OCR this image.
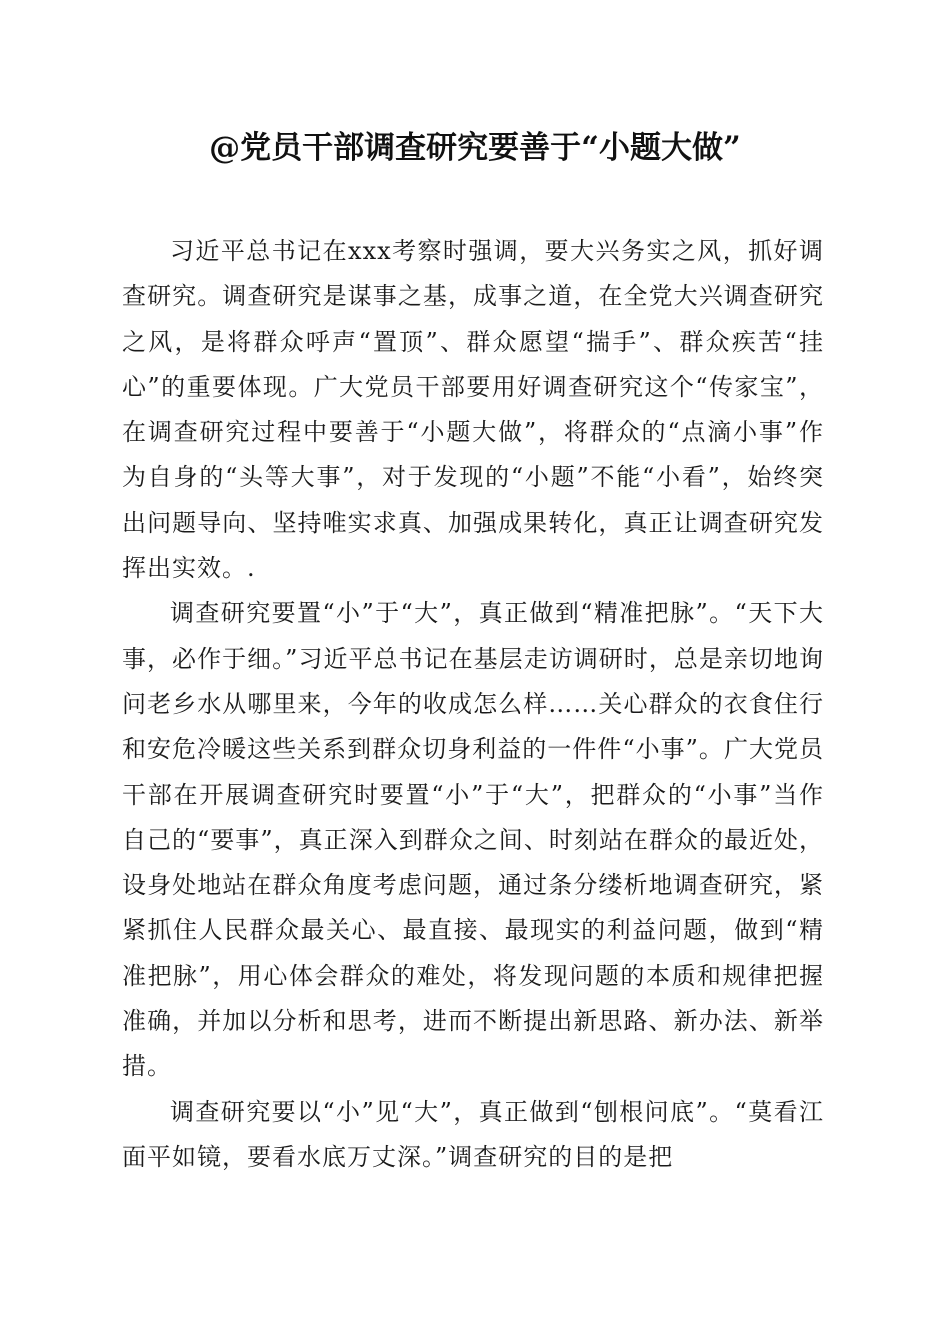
@党员干部调查研究要善于“小题大做”

习近平总书记在xxx考察时强调，要大兴务实之风，抓好调查研究。调查研究是谋事之基，成事之道，在全党大兴调查研究之风，是将群众呼声“置顶”、群众愿望“揣手”、群众疾苦“挂心”的重要体现。广大党员干部要用好调查研究这个“传家宝”，在调查研究过程中要善于“小题大做”，将群众的“点滴小事”作为自身的“头等大事”，对于发现的“小题”不能“小看”，始终突出问题导向、坚持唯实求真、加强成果转化，真正让调查研究发挥出实效。.

调查研究要置“小”于“大”，真正做到“精准把脉”。“天下大事，必作于细。”习近平总书记在基层走访调研时，总是亲切地询问老乡水从哪里来，今年的收成怎么样……关心群众的衣食住行和安危冷暖这些关系到群众切身利益的一件件“小事”。广大党员干部在开展调查研究时要置“小”于“大”，把群众的“小事”当作自己的“要事”，真正深入到群众之间、时刻站在群众的最近处，设身处地站在群众角度考虑问题，通过条分缕析地调查研究，紧紧抓住人民群众最关心、最直接、最现实的利益问题，做到“精准把脉”，用心体会群众的难处，将发现问题的本质和规律把握准确，并加以分析和思考，进而不断提出新思路、新办法、新举措。

调查研究要以“小”见“大”，真正做到“刨根问底”。“莫看江面平如镜，要看水底万丈深。”调查研究的目的是把
